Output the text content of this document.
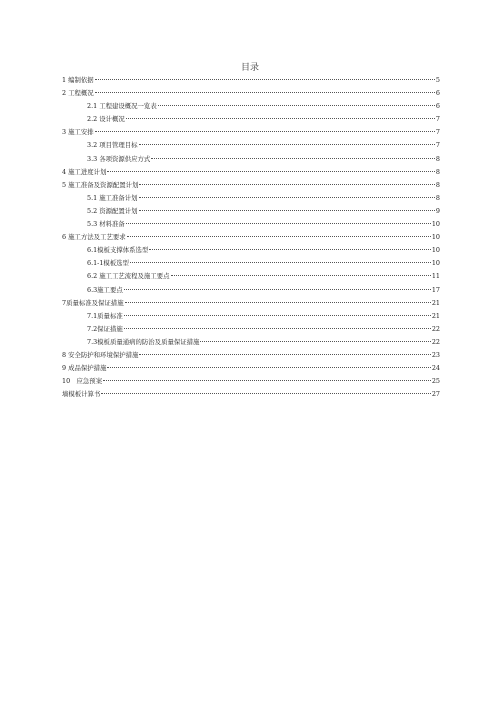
目录
1 编制依据	5
2 工程概况	6
2.1 工程建设概况一览表	6
2.2 设计概况	7
3 施工安排	7
3.2 项目管理目标	7
3.3 各项资源供应方式	8
4 施工进度计划	8
5 施工准备及资源配置计划	8
5.1 施工准备计划	8
5.2 资源配置计划	9
5.3 材料准备	10
6 施工方法及工艺要求	10
6.1模板支撑体系选型	10
6.1-1模板选型	10
6.2 施工工艺流程及施工要点	11
6.3施工要点	17
7质量标准及保证措施	21
7.1质量标准	21
7.2保证措施	22
7.3模板质量通病的防治及质量保证措施	22
8 安全防护和环境保护措施	23
9 成品保护措施	24
10　应急预案	25
墙模板计算书	27
